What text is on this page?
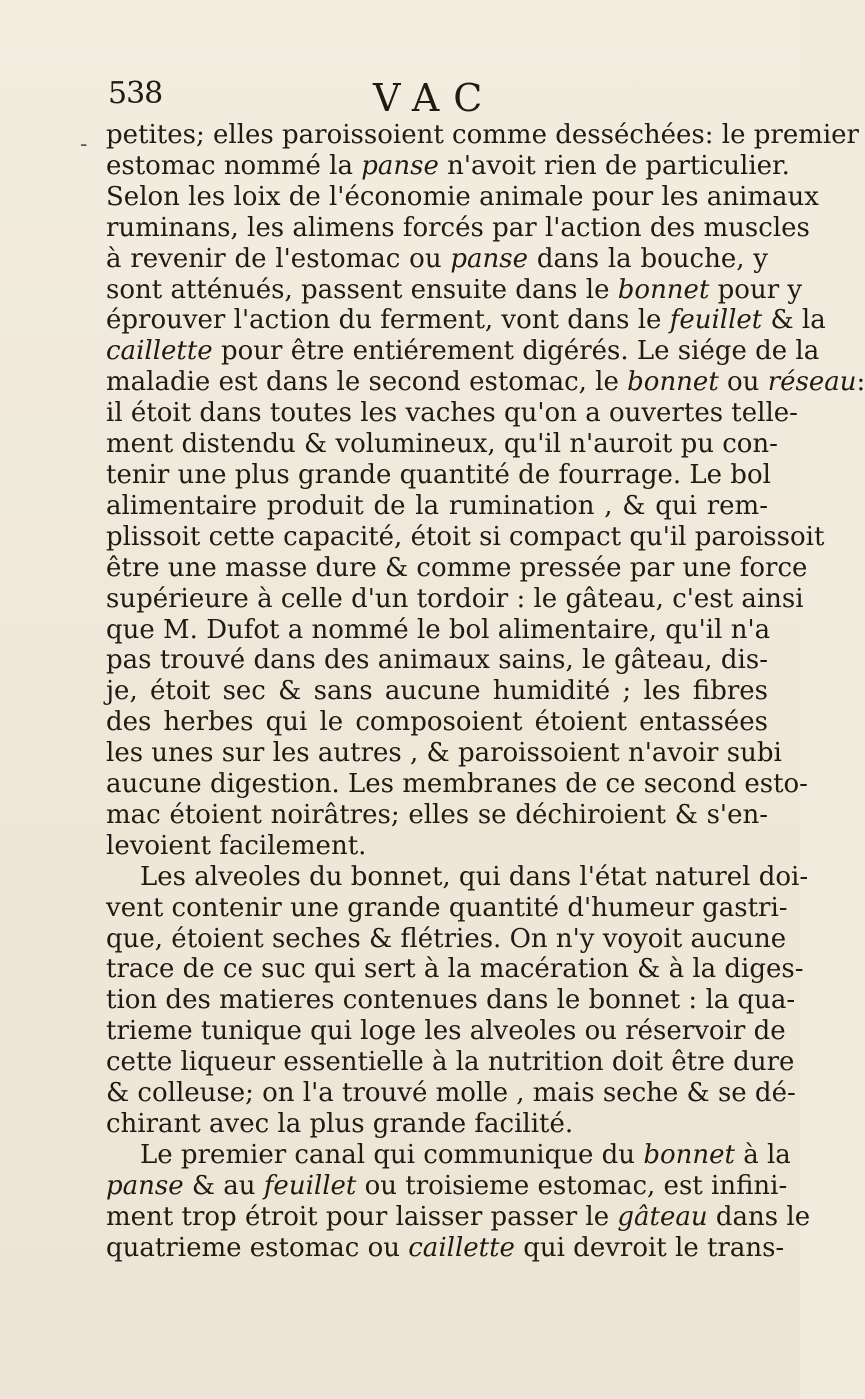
538	VAC
- petites; elles paroissoient comme desséchées: le premier
estomac nommé la panse n'avoit rien de particulier.
Selon les loix de l'économie animale pour les animaux
ruminans, les alimens forcés par l'action des muscles
à revenir de l'estomac ou panse dans la bouche, y
sont atténués, passent ensuite dans le bonnet pour y
éprouver l'action du ferment, vont dans le feuillet & la
caillette pour être entiérement digérés. Le siége de la
maladie est dans le second estomac, le bonnet ou réseau:
il étoit dans toutes les vaches qu'on a ouvertes telle-
ment distendu & volumineux, qu'il n'auroit pu con-
tenir une plus grande quantité de fourrage. Le bol
alimentaire produit de la rumination , & qui rem-
plissoit cette capacité, étoit si compact qu'il paroissoit
être une masse dure & comme pressée par une force
supérieure à celle d'un tordoir : le gâteau, c'est ainsi
que M. Dufot a nommé le bol alimentaire, qu'il n'a
pas trouvé dans des animaux sains, le gâteau, dis-
je, étoit sec & sans aucune humidité ; les fibres
des herbes qui le composoient étoient entassées
les unes sur les autres , & paroissoient n'avoir subi
aucune digestion. Les membranes de ce second esto-
mac étoient noirâtres; elles se déchiroient & s'en-
levoient facilement.
Les alveoles du bonnet, qui dans l'état naturel doi-
vent contenir une grande quantité d'humeur gastri-
que, étoient seches & flétries. On n'y voyoit aucune
trace de ce suc qui sert à la macération & à la diges-
tion des matieres contenues dans le bonnet : la qua-
trieme tunique qui loge les alveoles ou réservoir de
cette liqueur essentielle à la nutrition doit être dure
& colleuse; on l'a trouvé molle , mais seche & se dé-
chirant avec la plus grande facilité.
Le premier canal qui communique du bonnet à la
panse & au feuillet ou troisieme estomac, est infini-
ment trop étroit pour laisser passer le gâteau dans le
quatrieme estomac ou caillette qui devroit le trans-
